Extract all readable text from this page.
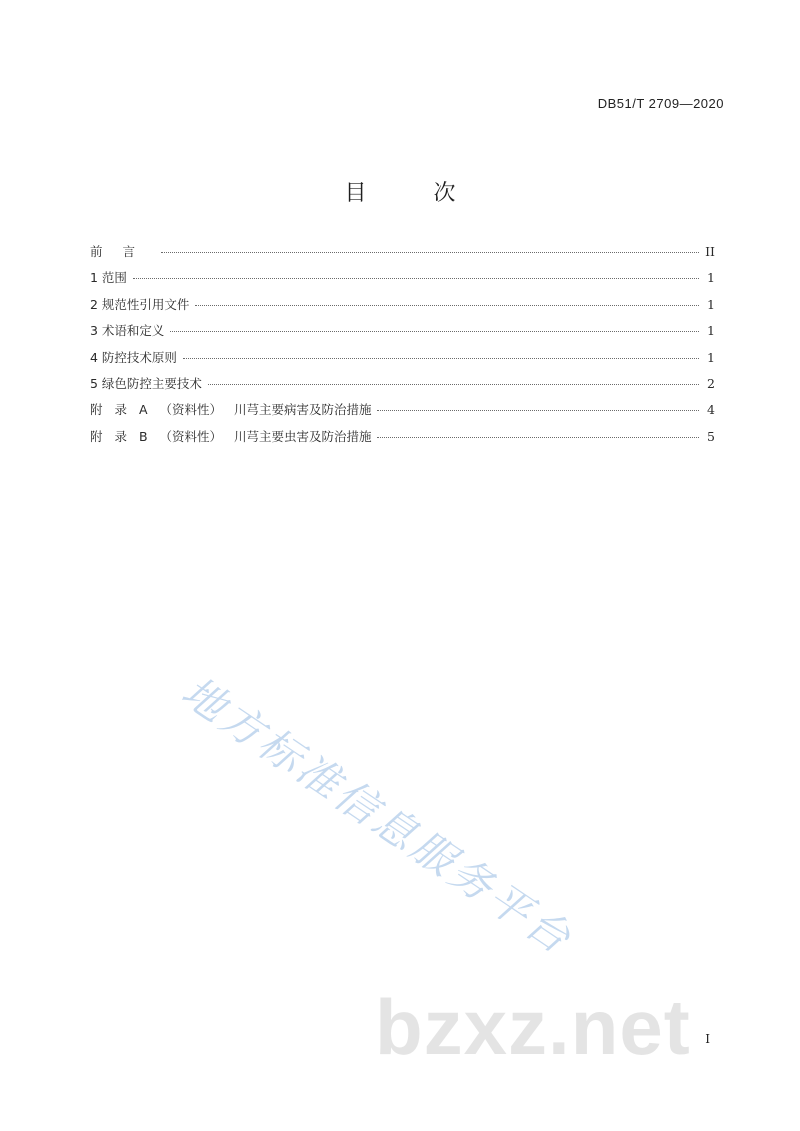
DB51/T 2709—2020
目 次
前言	II
1 范围	1
2 规范性引用文件	1
3 术语和定义	1
4 防控技术原则	1
5 绿色防控主要技术	2
附 录 A （资料性） 川芎主要病害及防治措施	4
附 录 B （资料性） 川芎主要虫害及防治措施	5
地方标准信息服务平台
bzxz.net I
